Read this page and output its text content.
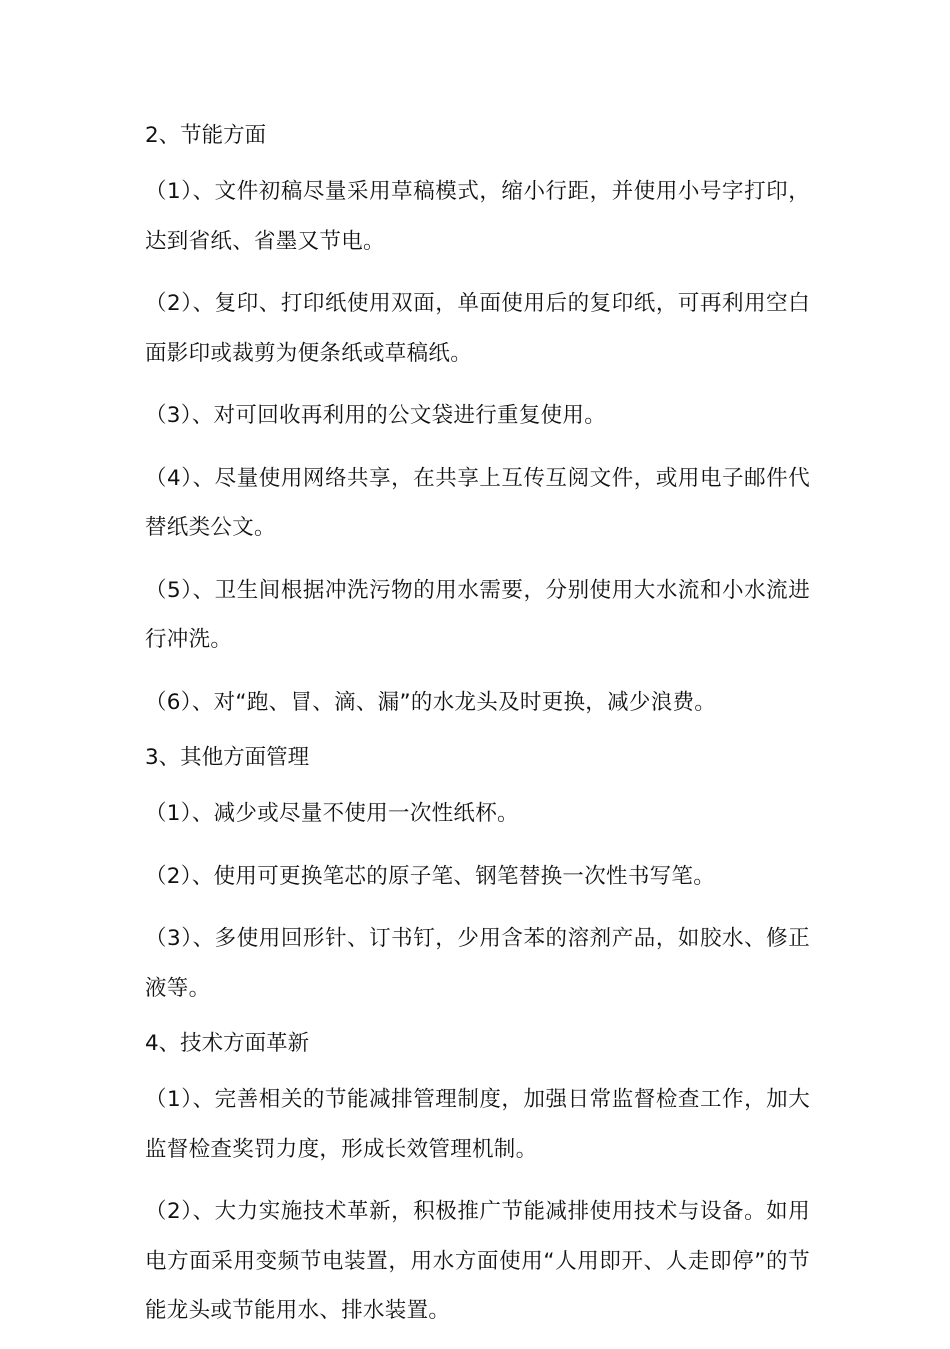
2、节能方面

（1）、文件初稿尽量采用草稿模式，缩小行距，并使用小号字打印，达到省纸、省墨又节电。

（2）、复印、打印纸使用双面，单面使用后的复印纸，可再利用空白面影印或裁剪为便条纸或草稿纸。

（3）、对可回收再利用的公文袋进行重复使用。

（4）、尽量使用网络共享，在共享上互传互阅文件，或用电子邮件代替纸类公文。

（5）、卫生间根据冲洗污物的用水需要，分别使用大水流和小水流进行冲洗。

（6）、对“跑、冒、滴、漏”的水龙头及时更换，减少浪费。

3、其他方面管理

（1）、减少或尽量不使用一次性纸杯。

（2）、使用可更换笔芯的原子笔、钢笔替换一次性书写笔。

（3）、多使用回形针、订书钉，少用含苯的溶剂产品，如胶水、修正液等。

4、技术方面革新

（1）、完善相关的节能减排管理制度，加强日常监督检查工作，加大监督检查奖罚力度，形成长效管理机制。

（2）、大力实施技术革新，积极推广节能减排使用技术与设备。如用电方面采用变频节电装置，用水方面使用“人用即开、人走即停”的节能龙头或节能用水、排水装置。
